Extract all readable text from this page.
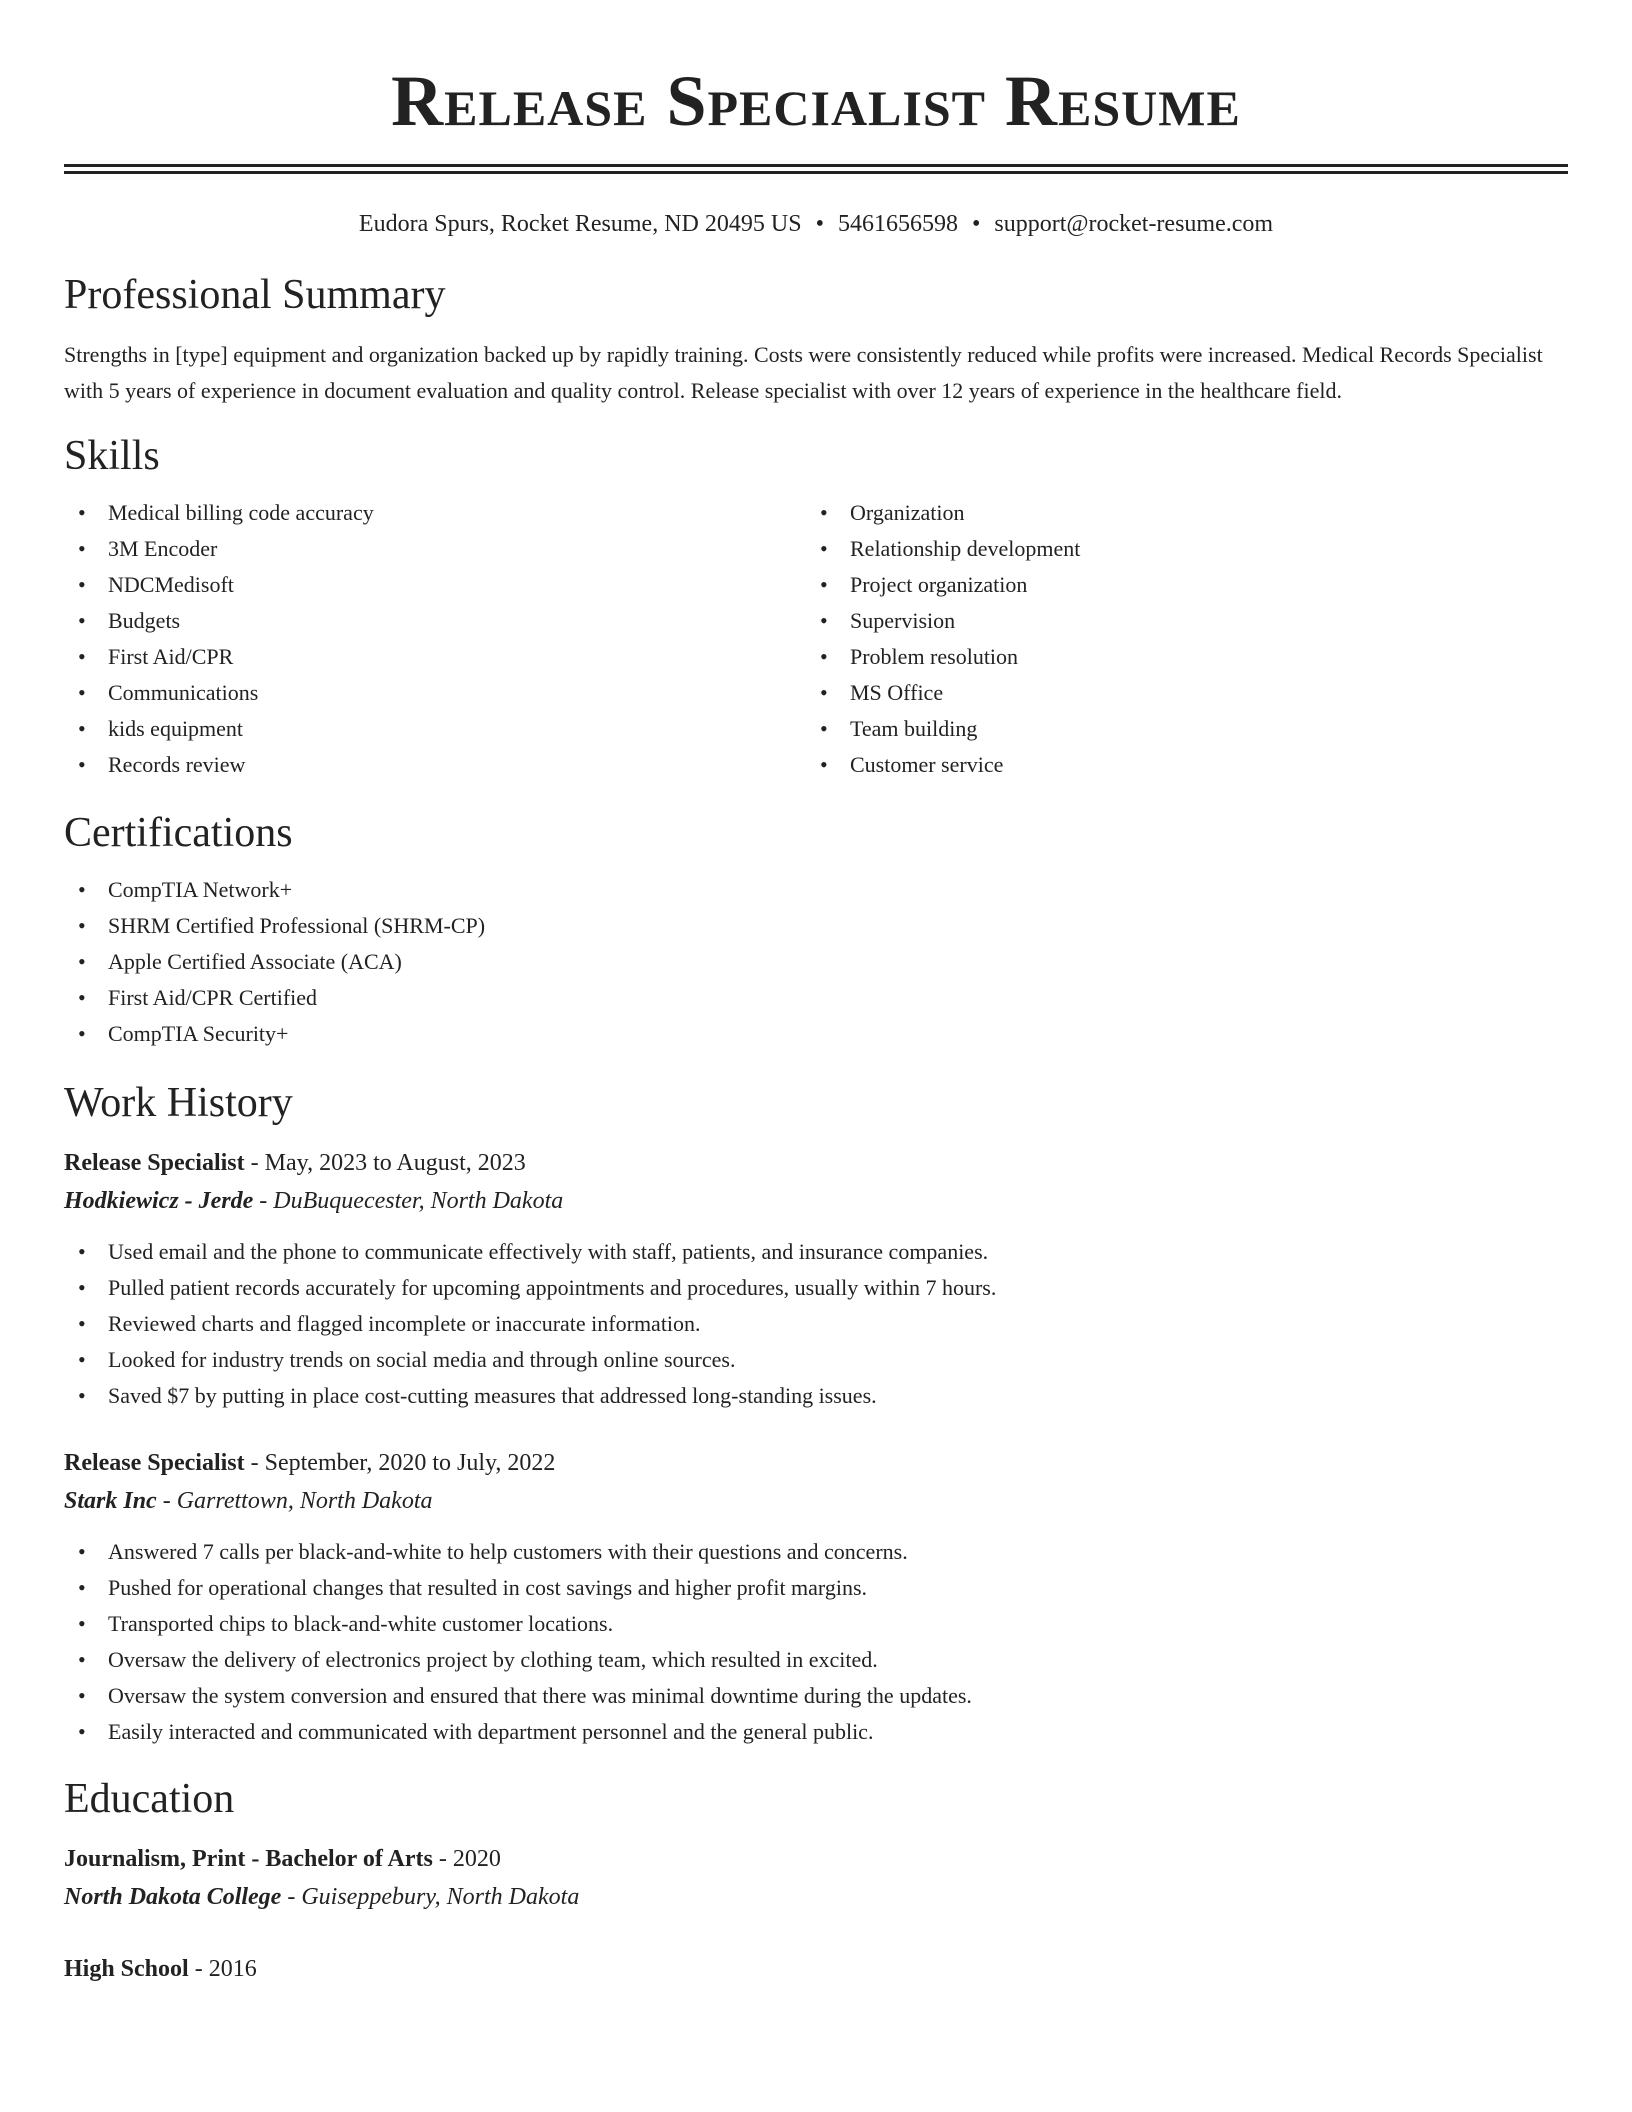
Release Specialist Resume
Eudora Spurs, Rocket Resume, ND 20495 US • 5461656598 • support@rocket-resume.com
Professional Summary

Strengths in [type] equipment and organization backed up by rapidly training. Costs were consistently reduced while profits were increased. Medical Records Specialist with 5 years of experience in document evaluation and quality control. Release specialist with over 12 years of experience in the healthcare field.

Skills
• Medical billing code accuracy
• 3M Encoder
• NDCMedisoft
• Budgets
• First Aid/CPR
• Communications
• kids equipment
• Records review
• Organization
• Relationship development
• Project organization
• Supervision
• Problem resolution
• MS Office
• Team building
• Customer service
Certifications
• CompTIA Network+
• SHRM Certified Professional (SHRM-CP)
• Apple Certified Associate (ACA)
• First Aid/CPR Certified
• CompTIA Security+
Work History
Release Specialist - May, 2023 to August, 2023
Hodkiewicz - Jerde - DuBuquecester, North Dakota
• Used email and the phone to communicate effectively with staff, patients, and insurance companies.
• Pulled patient records accurately for upcoming appointments and procedures, usually within 7 hours.
• Reviewed charts and flagged incomplete or inaccurate information.
• Looked for industry trends on social media and through online sources.
• Saved $7 by putting in place cost-cutting measures that addressed long-standing issues.
Release Specialist - September, 2020 to July, 2022
Stark Inc - Garrettown, North Dakota
• Answered 7 calls per black-and-white to help customers with their questions and concerns.
• Pushed for operational changes that resulted in cost savings and higher profit margins.
• Transported chips to black-and-white customer locations.
• Oversaw the delivery of electronics project by clothing team, which resulted in excited.
• Oversaw the system conversion and ensured that there was minimal downtime during the updates.
• Easily interacted and communicated with department personnel and the general public.
Education
Journalism, Print - Bachelor of Arts - 2020
North Dakota College - Guiseppebury, North Dakota
High School - 2016
